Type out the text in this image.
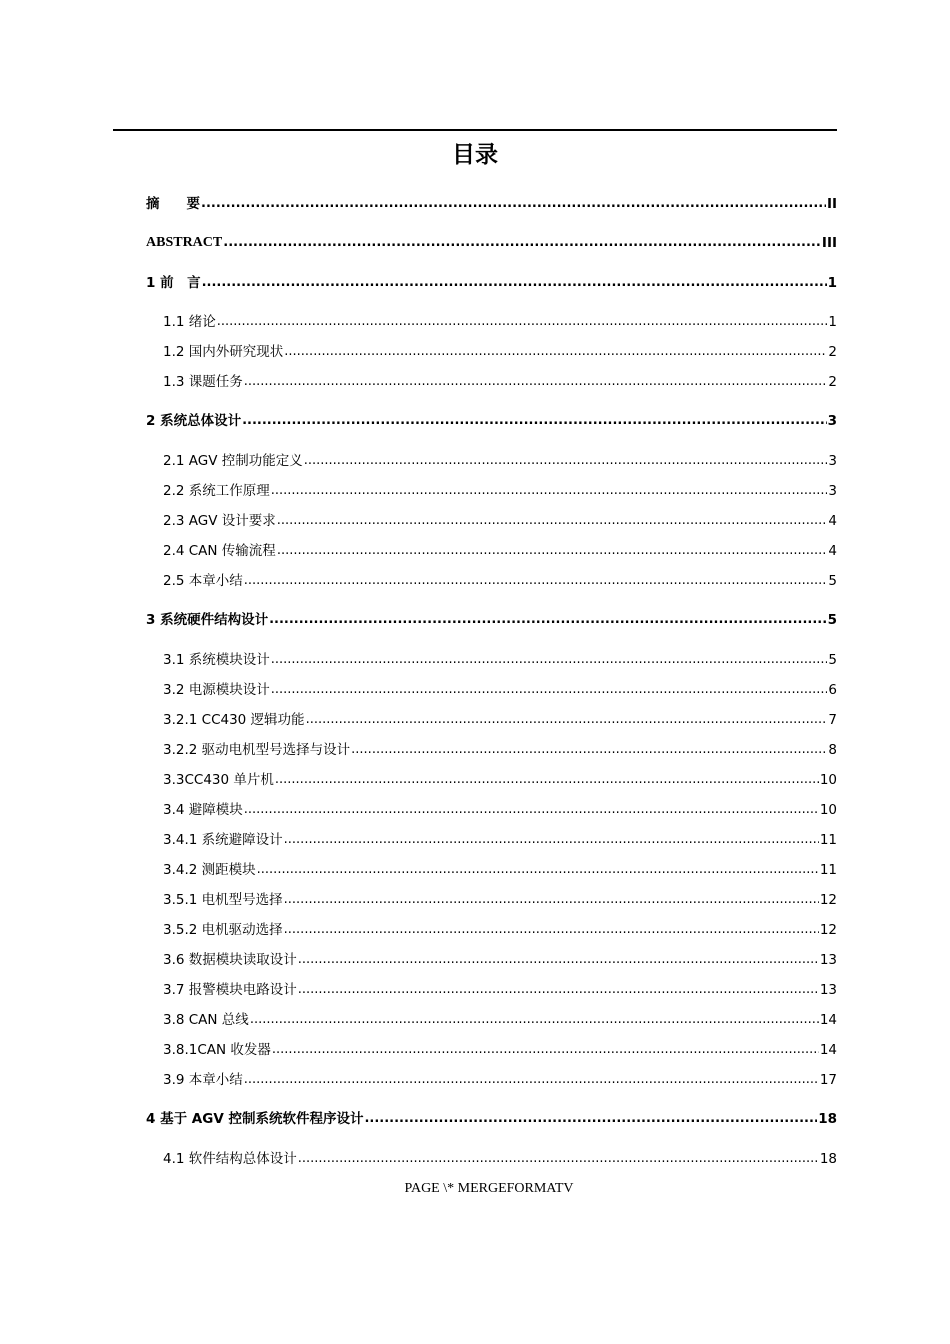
目录
摘　　要 .....	II
ABSTRACT .....	III
1 前　言 .....	1
1.1 绪论 .....	1
1.2 国内外研究现状 .....	2
1.3 课题任务 .....	2
2 系统总体设计 .....	3
2.1 AGV 控制功能定义 .....	3
2.2 系统工作原理 .....	3
2.3 AGV 设计要求 .....	4
2.4 CAN 传输流程 .....	4
2.5 本章小结 .....	5
3 系统硬件结构设计 .....	5
3.1 系统模块设计 .....	5
3.2 电源模块设计 .....	6
3.2.1 CC430 逻辑功能 .....	7
3.2.2 驱动电机型号选择与设计 .....	8
3.3CC430 单片机 .....	10
3.4 避障模块 .....	10
3.4.1 系统避障设计 .....	11
3.4.2 测距模块 .....	11
3.5.1 电机型号选择 .....	12
3.5.2 电机驱动选择 .....	12
3.6 数据模块读取设计 .....	13
3.7 报警模块电路设计 .....	13
3.8 CAN 总线 .....	14
3.8.1CAN 收发器 .....	14
3.9 本章小结 .....	17
4 基于 AGV 控制系统软件程序设计 .....	18
4.1 软件结构总体设计 .....	18
PAGE \* MERGEFORMATV
